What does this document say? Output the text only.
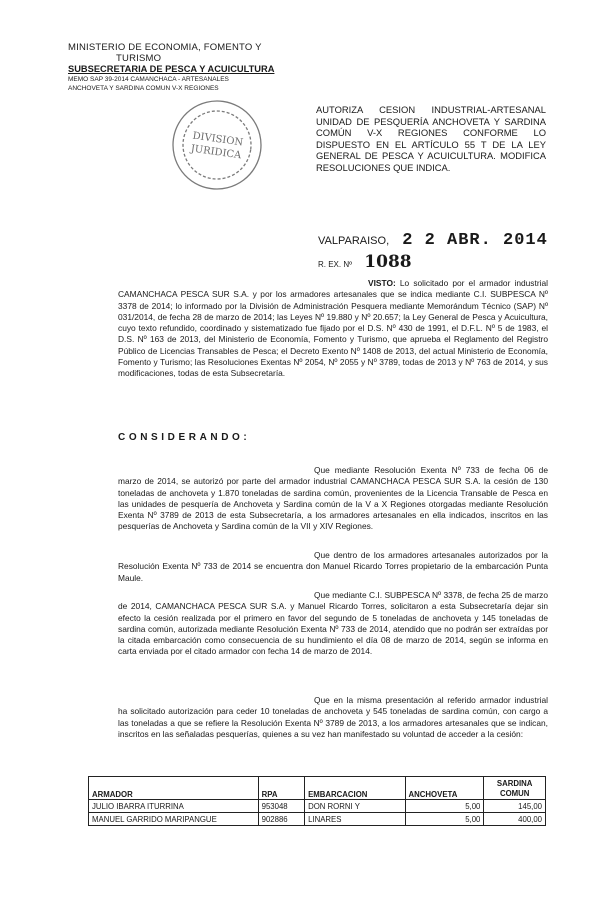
MINISTERIO DE ECONOMIA, FOMENTO Y
TURISMO
SUBSECRETARIA DE PESCA Y ACUICULTURA
MEMO SAP 39-2014 CAMANCHACA - ARTESANALES
ANCHOVETA Y SARDINA COMUN V-X REGIONES
DIVISION
JURIDICA
AUTORIZA CESION INDUSTRIAL-ARTESANAL UNIDAD DE PESQUERÍA ANCHOVETA Y SARDINA COMÚN V-X REGIONES CONFORME LO DISPUESTO EN EL ARTÍCULO 55 T DE LA LEY GENERAL DE PESCA Y ACUICULTURA. MODIFICA RESOLUCIONES QUE INDICA.
VALPARAISO, 2 2 ABR. 2014
R. EX. Nº 1088
VISTO: Lo solicitado por el armador industrial CAMANCHACA PESCA SUR S.A. y por los armadores artesanales que se indica mediante C.I. SUBPESCA Nº 3378 de 2014; lo informado por la División de Administración Pesquera mediante Memorándum Técnico (SAP) Nº 031/2014, de fecha 28 de marzo de 2014; las Leyes Nº 19.880 y Nº 20.657; la Ley General de Pesca y Acuicultura, cuyo texto refundido, coordinado y sistematizado fue fijado por el D.S. Nº 430 de 1991, el D.F.L. Nº 5 de 1983, el D.S. Nº 163 de 2013, del Ministerio de Economía, Fomento y Turismo, que aprueba el Reglamento del Registro Público de Licencias Transables de Pesca; el Decreto Exento Nº 1408 de 2013, del actual Ministerio de Economía, Fomento y Turismo; las Resoluciones Exentas Nº 2054, Nº 2055 y Nº 3789, todas de 2013 y Nº 763 de 2014, y sus modificaciones, todas de esta Subsecretaría.
CONSIDERANDO:
Que mediante Resolución Exenta Nº 733 de fecha 06 de marzo de 2014, se autorizó por parte del armador industrial CAMANCHACA PESCA SUR S.A. la cesión de 130 toneladas de anchoveta y 1.870 toneladas de sardina común, provenientes de la Licencia Transable de Pesca en las unidades de pesquería de Anchoveta y Sardina común de la V a X Regiones otorgadas mediante Resolución Exenta Nº 3789 de 2013 de esta Subsecretaría, a los armadores artesanales en ella indicados, inscritos en las pesquerías de Anchoveta y Sardina común de la VII y XIV Regiones.
Que dentro de los armadores artesanales autorizados por la Resolución Exenta Nº 733 de 2014 se encuentra don Manuel Ricardo Torres propietario de la embarcación Punta Maule.
Que mediante C.I. SUBPESCA Nº 3378, de fecha 25 de marzo de 2014, CAMANCHACA PESCA SUR S.A. y Manuel Ricardo Torres, solicitaron a esta Subsecretaría dejar sin efecto la cesión realizada por el primero en favor del segundo de 5 toneladas de anchoveta y 145 toneladas de sardina común, autorizada mediante Resolución Exenta Nº 733 de 2014, atendido que no podrán ser extraídas por la citada embarcación como consecuencia de su hundimiento el día 08 de marzo de 2014, según se informa en carta enviada por el citado armador con fecha 14 de marzo de 2014.
Que en la misma presentación al referido armador industrial ha solicitado autorización para ceder 10 toneladas de anchoveta y 545 toneladas de sardina común, con cargo a las toneladas a que se refiere la Resolución Exenta Nº 3789 de 2013, a los armadores artesanales que se indican, inscritos en las señaladas pesquerías, quienes a su vez han manifestado su voluntad de acceder a la cesión:
ARMADOR	RPA	EMBARCACION	ANCHOVETA	SARDINA COMUN
JULIO IBARRA ITURRINA	953048	DON RORNI Y	5,00	145,00
MANUEL GARRIDO MARIPANGUE	902886	LINARES	5,00	400,00
